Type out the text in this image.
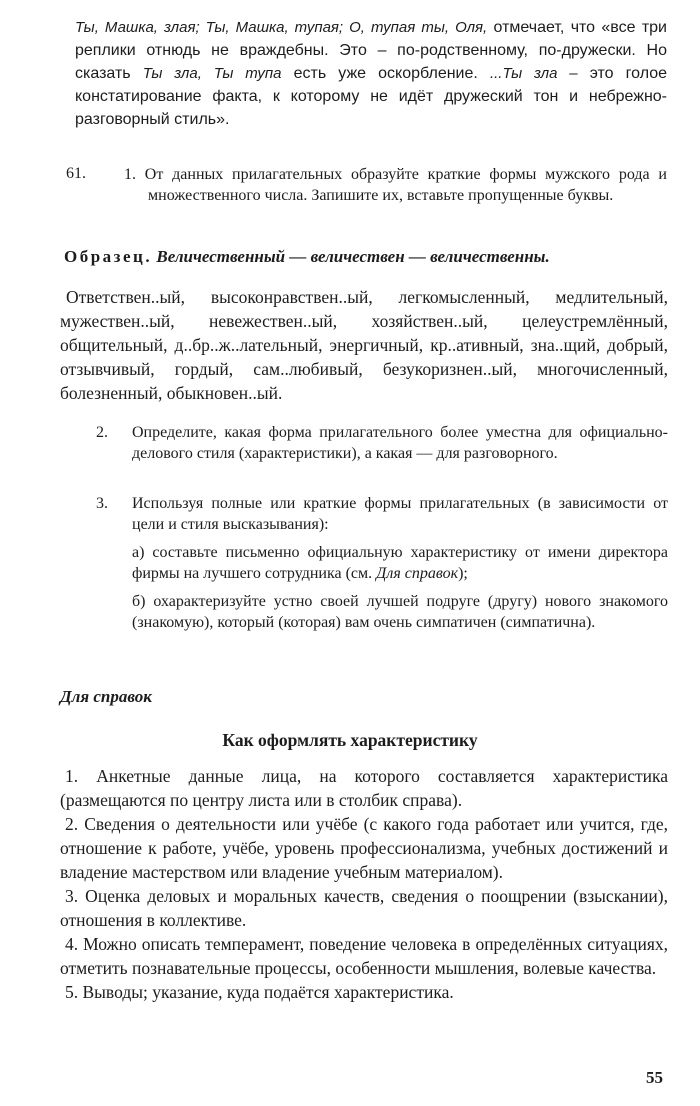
Ты, Машка, злая; Ты, Машка, тупая; О, тупая ты, Оля, отмечает, что «все три реплики отнюдь не враждебны. Это – по-родственному, по-дружески. Но сказать Ты зла, Ты тупа есть уже оскорбление. ...Ты зла – это голое констатирование факта, к которому не идёт дружеский тон и небрежно-разговорный стиль».

61. 1. От данных прилагательных образуйте краткие формы мужского рода и множественного числа. Запишите их, вставьте пропущенные буквы.

Образец. Величественный — величествен — величественны.

Ответствен..ый, высоконравствен..ый, легкомысленный, медлительный, мужествен..ый, невежествен..ый, хозяйствен..ый, целеустремлённый, общительный, д..бр..ж..лательный, энергичный, кр..ативный, зна..щий, добрый, отзывчивый, гордый, сам..любивый, безукоризнен..ый, многочисленный, болезненный, обыкновен..ый.

2. Определите, какая форма прилагательного более уместна для официально-делового стиля (характеристики), а какая — для разговорного.

3. Используя полные или краткие формы прилагательных (в зависимости от цели и стиля высказывания):

а) составьте письменно официальную характеристику от имени директора фирмы на лучшего сотрудника (см. Для справок);

б) охарактеризуйте устно своей лучшей подруге (другу) нового знакомого (знакомую), который (которая) вам очень симпатичен (симпатична).

Для справок

Как оформлять характеристику

1. Анкетные данные лица, на которого составляется характеристика (размещаются по центру листа или в столбик справа).

2. Сведения о деятельности или учёбе (с какого года работает или учится, где, отношение к работе, учёбе, уровень профессионализма, учебных достижений и владение мастерством или владение учебным материалом).

3. Оценка деловых и моральных качеств, сведения о поощрении (взыскании), отношения в коллективе.

4. Можно описать темперамент, поведение человека в определённых ситуациях, отметить познавательные процессы, особенности мышления, волевые качества.

5. Выводы; указание, куда подаётся характеристика.

55
